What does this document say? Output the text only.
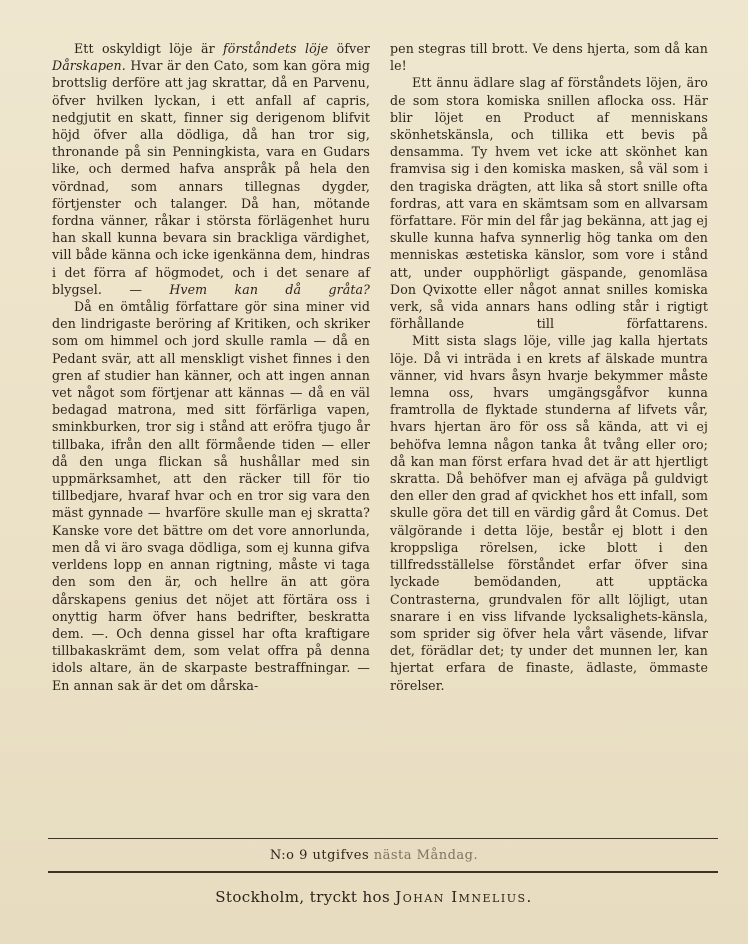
Ett oskyldigt löje är förståndets löje öfver Dårskapen. Hvar är den Cato, som kan göra mig brottslig derföre att jag skrattar, då en Parvenu, öfver hvilken lyckan, i ett anfall af capris, nedgjutit en skatt, finner sig derigenom blifvit höjd öfver alla dödliga, då han tror sig, thronande på sin Penningkista, vara en Gudars like, och dermed hafva anspråk på hela den vördnad, som annars tillegnas dygder, förtjenster och talanger. Då han, mötande fordna vänner, råkar i största förlägenhet huru han skall kunna bevara sin brackliga värdighet, vill både känna och icke igenkänna dem, hindras i det förra af högmodet, och i det senare af blygsel. — Hvem kan då gråta?

Då en ömtålig författare gör sina miner vid den lindrigaste beröring af Kritiken, och skriker som om himmel och jord skulle ramla — då en Pedant svär, att all menskligt vishet finnes i den gren af studier han känner, och att ingen annan vet något som förtjenar att kännas — då en väl bedagad matrona, med sitt förfärliga vapen, sminkburken, tror sig i stånd att eröfra tjugo år tillbaka, ifrån den allt förmående tiden — eller då den unga flickan så hushållar med sin uppmärksamhet, att den räcker till för tio tillbedjare, hvaraf hvar och en tror sig vara den mäst gynnade — hvarföre skulle man ej skratta? Kanske vore det bättre om det vore annorlunda, men då vi äro svaga dödliga, som ej kunna gifva verldens lopp en annan rigtning, måste vi taga den som den är, och hellre än att göra dårskapens genius det nöjet att förtära oss i onyttig harm öfver hans bedrifter, beskratta dem. —. Och denna gissel har ofta kraftigare tillbakaskrämt dem, som velat offra på denna idols altare, än de skarpaste bestraffningar. — En annan sak är det om dårska-

pen stegras till brott. Ve dens hjerta, som då kan le!

Ett ännu ädlare slag af förståndets löjen, äro de som stora komiska snillen aflocka oss. Här blir löjet en Product af menniskans skönhetskänsla, och tillika ett bevis på densamma. Ty hvem vet icke att skönhet kan framvisa sig i den komiska masken, så väl som i den tragiska drägten, att lika så stort snille ofta fordras, att vara en skämtsam som en allvarsam författare. För min del får jag bekänna, att jag ej skulle kunna hafva synnerlig hög tanka om den menniskas æstetiska känslor, som vore i stånd att, under oupphörligt gäspande, genomläsa Don Qvixotte eller något annat snilles komiska verk, så vida annars hans odling står i rigtigt förhållande till författarens.

Mitt sista slags löje, ville jag kalla hjertats löje. Då vi inträda i en krets af älskade muntra vänner, vid hvars åsyn hvarje bekymmer måste lemna oss, hvars umgängsgåfvor kunna framtrolla de flyktade stunderna af lifvets vår, hvars hjertan äro för oss så kända, att vi ej behöfva lemna någon tanka åt tvång eller oro; då kan man först erfara hvad det är att hjertligt skratta. Då behöfver man ej afväga på guldvigt den eller den grad af qvickhet hos ett infall, som skulle göra det till en värdig gård åt Comus. Det välgörande i detta löje, består ej blott i den kroppsliga rörelsen, icke blott i den tillfredsställelse förståndet erfar öfver sina lyckade bemödanden, att upptäcka Contrasterna, grundvalen för allt löjligt, utan snarare i en viss lifvande lycksalighets-känsla, som sprider sig öfver hela vårt väsende, lifvar det, förädlar det; ty under det munnen ler, kan hjertat erfara de finaste, ädlaste, ömmaste rörelser.

N:o 9 utgifves nästa Måndag.
Stockholm, tryckt hos Johan Imnelius.
